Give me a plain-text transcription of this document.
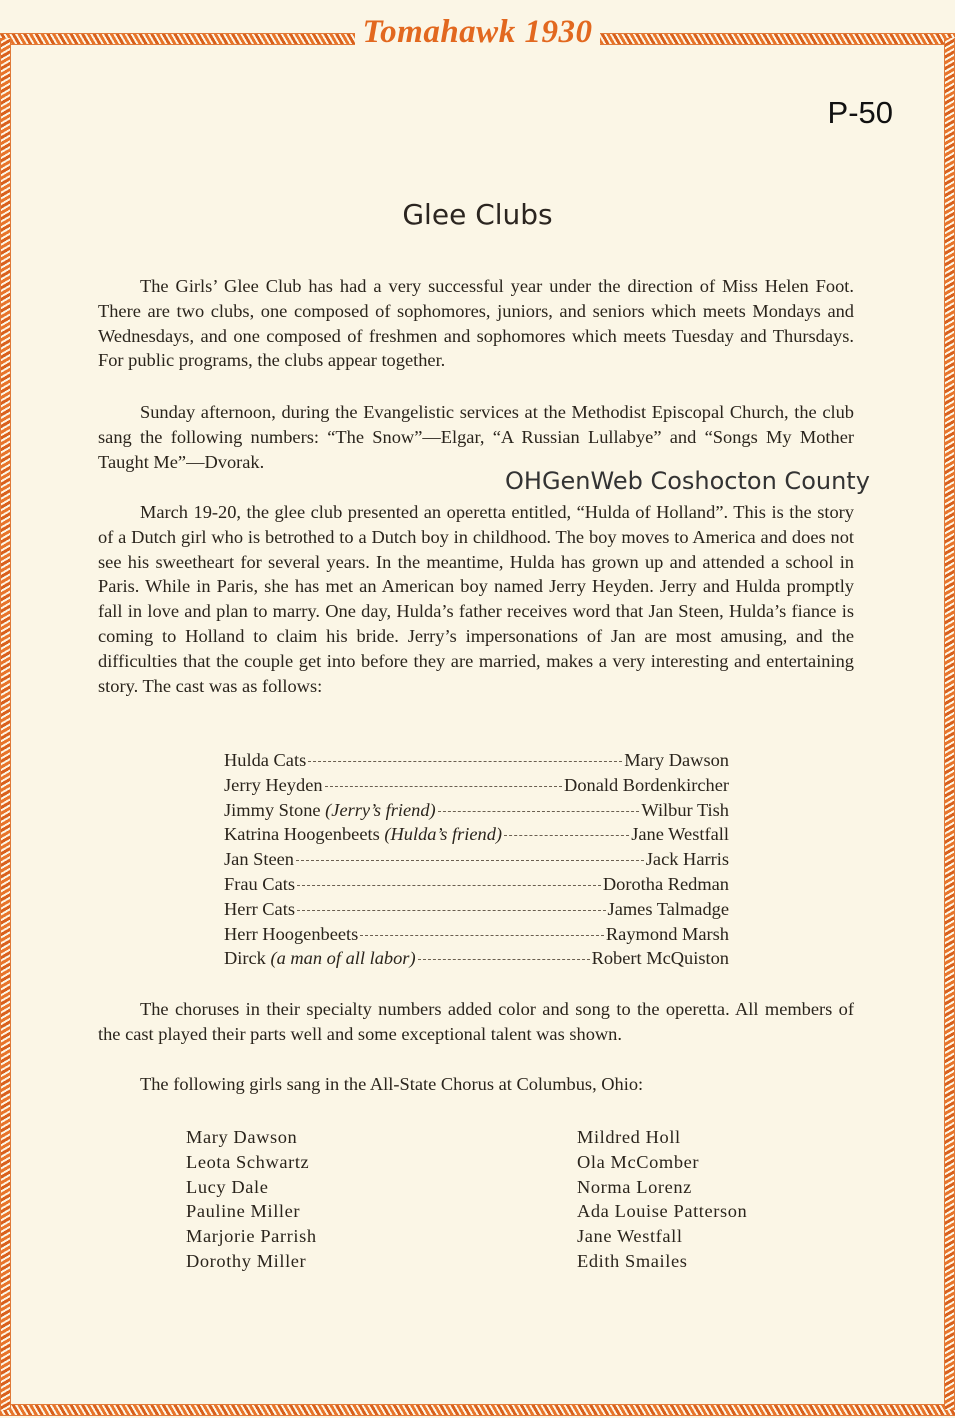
Tomahawk 1930
P-50
Glee Clubs

The Girls’ Glee Club has had a very successful year under the direction of Miss Helen Foot. There are two clubs, one composed of sophomores, juniors, and seniors which meets Mondays and Wednesdays, and one composed of freshmen and sophomores which meets Tuesday and Thursdays. For public programs, the clubs appear together.

Sunday afternoon, during the Evangelistic services at the Methodist Episcopal Church, the club sang the following numbers: “The Snow”—Elgar, “A Russian Lullabye” and “Songs My Mother Taught Me”—Dvorak.

OHGenWeb Coshocton County

March 19-20, the glee club presented an operetta entitled, “Hulda of Holland”. This is the story of a Dutch girl who is betrothed to a Dutch boy in childhood. The boy moves to America and does not see his sweetheart for several years. In the meantime, Hulda has grown up and attended a school in Paris. While in Paris, she has met an American boy named Jerry Heyden. Jerry and Hulda promptly fall in love and plan to marry. One day, Hulda’s father receives word that Jan Steen, Hulda’s fiance is coming to Holland to claim his bride. Jerry’s impersonations of Jan are most amusing, and the difficulties that the couple get into before they are married, makes a very interesting and entertaining story. The cast was as follows:

Hulda Cats	Mary Dawson
Jerry Heyden	Donald Bordenkircher
Jimmy Stone (Jerry’s friend)	Wilbur Tish
Katrina Hoogenbeets (Hulda’s friend)	Jane Westfall
Jan Steen	Jack Harris
Frau Cats	Dorotha Redman
Herr Cats	James Talmadge
Herr Hoogenbeets	Raymond Marsh
Dirck (a man of all labor)	Robert McQuiston

The choruses in their specialty numbers added color and song to the operetta. All members of the cast played their parts well and some exceptional talent was shown.

The following girls sang in the All-State Chorus at Columbus, Ohio:

Mary Dawson
Leota Schwartz
Lucy Dale
Pauline Miller
Marjorie Parrish
Dorothy Miller
Mildred Holl
Ola McComber
Norma Lorenz
Ada Louise Patterson
Jane Westfall
Edith Smailes
